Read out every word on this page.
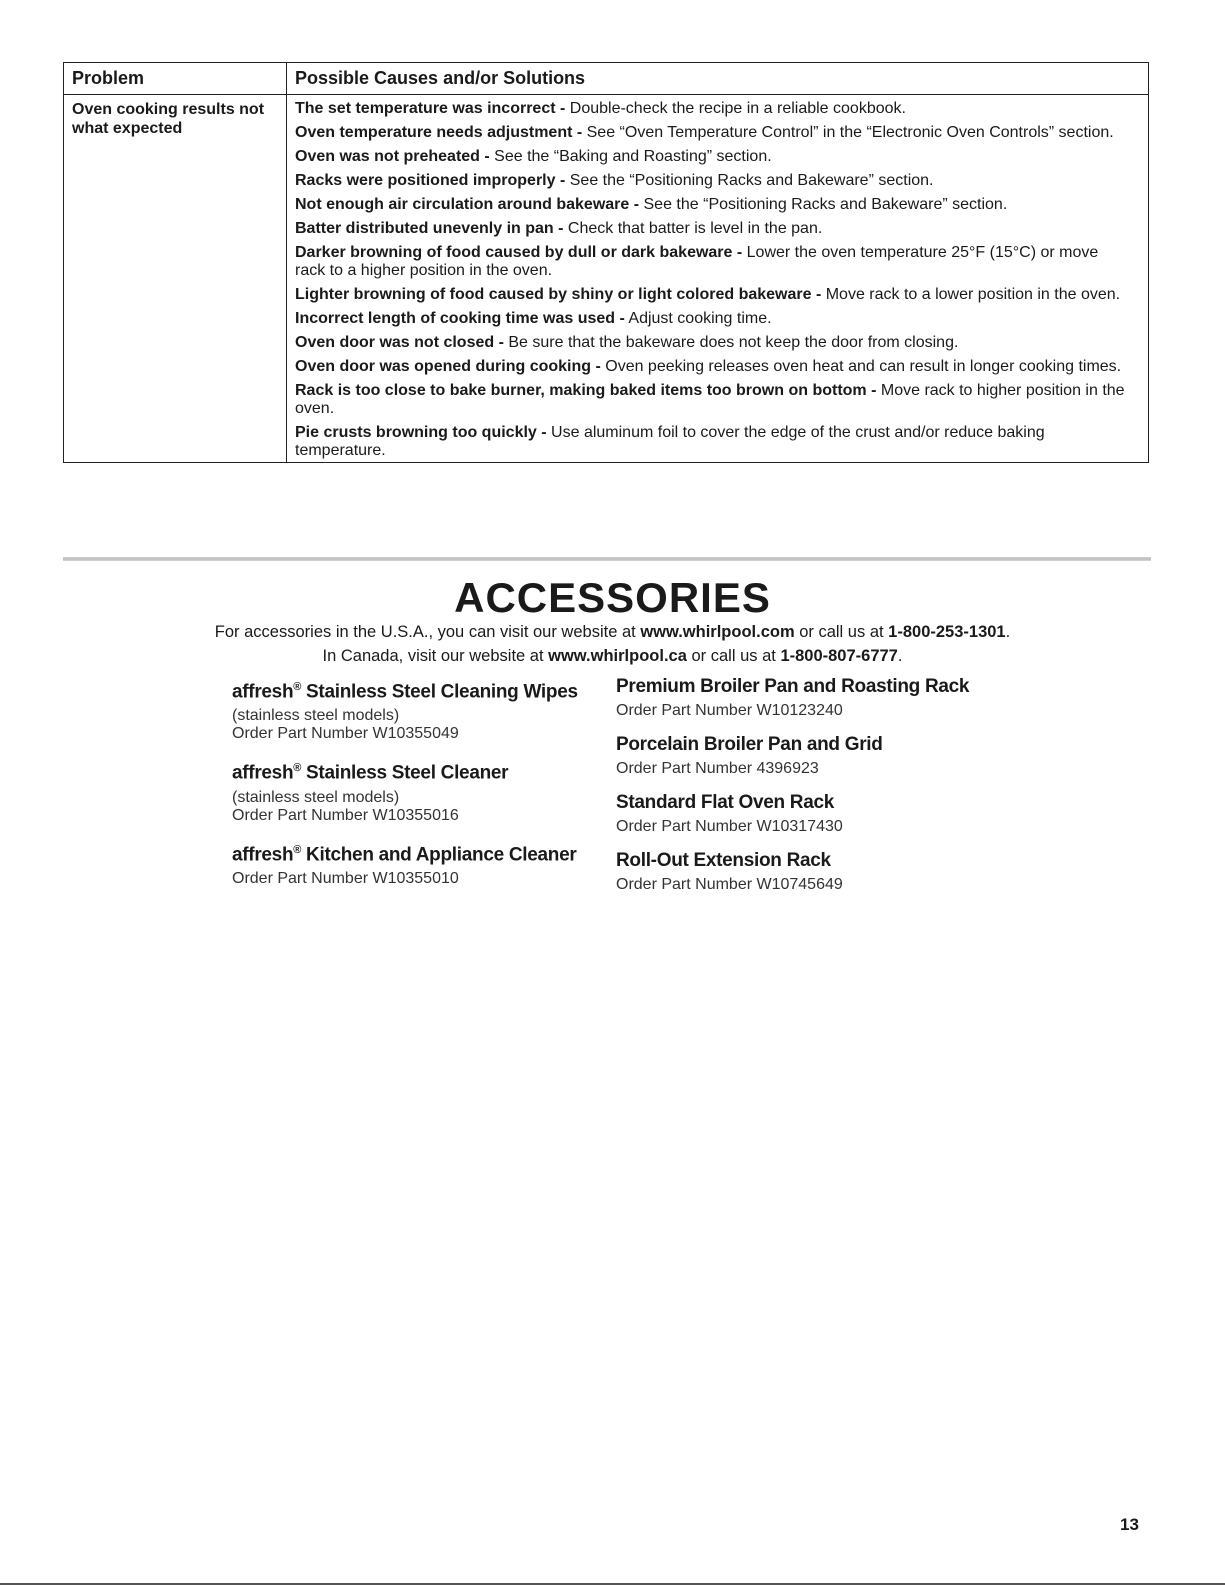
Problem	Possible Causes and/or Solutions
Oven cooking results not what expected
The set temperature was incorrect - Double-check the recipe in a reliable cookbook.
Oven temperature needs adjustment - See “Oven Temperature Control” in the “Electronic Oven Controls” section.
Oven was not preheated - See the “Baking and Roasting” section.
Racks were positioned improperly - See the “Positioning Racks and Bakeware” section.
Not enough air circulation around bakeware - See the “Positioning Racks and Bakeware” section.
Batter distributed unevenly in pan - Check that batter is level in the pan.
Darker browning of food caused by dull or dark bakeware - Lower the oven temperature 25°F (15°C) or move rack to a higher position in the oven.
Lighter browning of food caused by shiny or light colored bakeware - Move rack to a lower position in the oven.
Incorrect length of cooking time was used - Adjust cooking time.
Oven door was not closed - Be sure that the bakeware does not keep the door from closing.
Oven door was opened during cooking - Oven peeking releases oven heat and can result in longer cooking times.
Rack is too close to bake burner, making baked items too brown on bottom - Move rack to higher position in the oven.
Pie crusts browning too quickly - Use aluminum foil to cover the edge of the crust and/or reduce baking temperature.
ACCESSORIES
For accessories in the U.S.A., you can visit our website at www.whirlpool.com or call us at 1-800-253-1301.
In Canada, visit our website at www.whirlpool.ca or call us at 1-800-807-6777.
affresh® Stainless Steel Cleaning Wipes
(stainless steel models)
Order Part Number W10355049
affresh® Stainless Steel Cleaner
(stainless steel models)
Order Part Number W10355016
affresh® Kitchen and Appliance Cleaner
Order Part Number W10355010
Premium Broiler Pan and Roasting Rack
Order Part Number W10123240
Porcelain Broiler Pan and Grid
Order Part Number 4396923
Standard Flat Oven Rack
Order Part Number W10317430
Roll-Out Extension Rack
Order Part Number W10745649
13
